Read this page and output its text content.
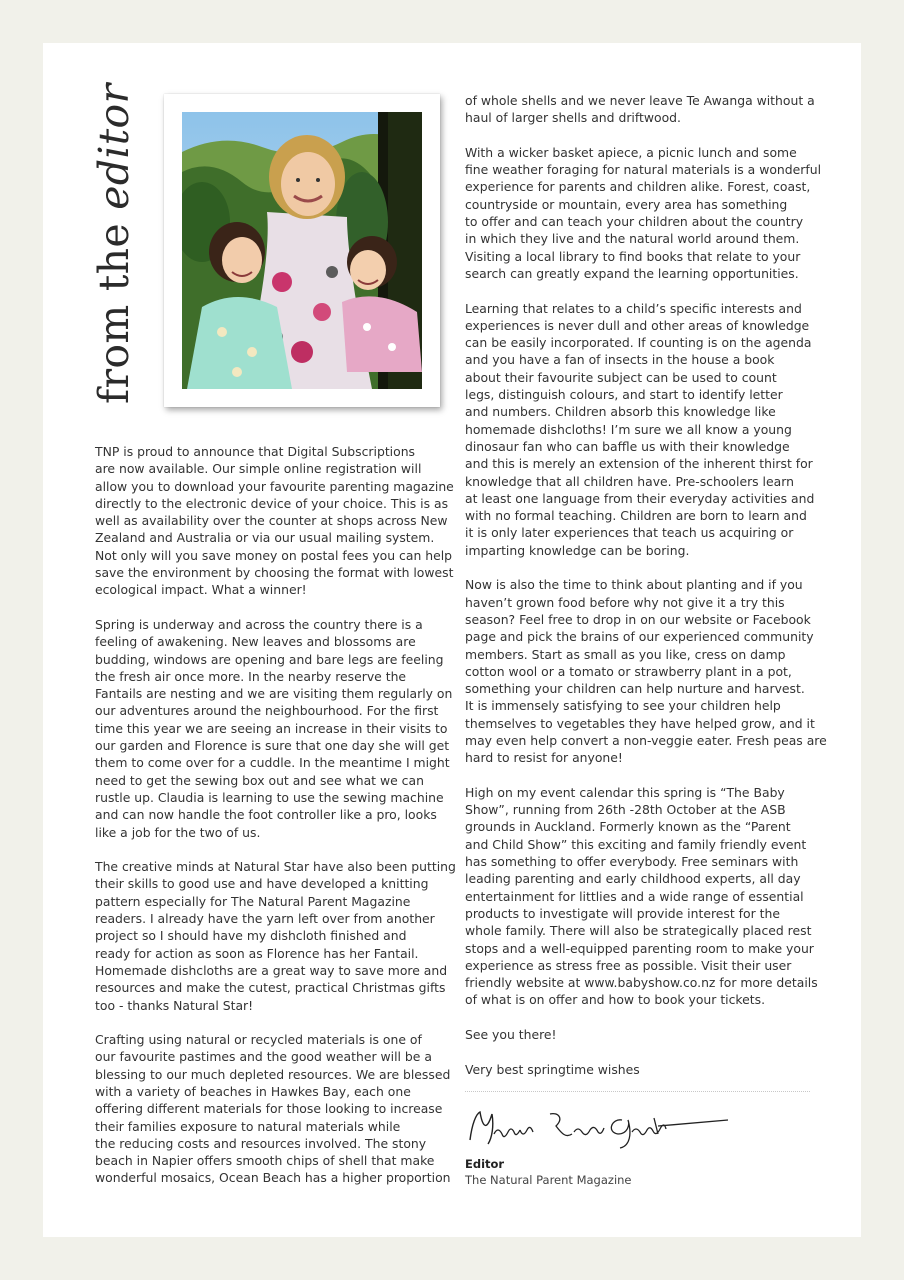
from the editor

TNP is proud to announce that Digital Subscriptions

are now available. Our simple online registration will

allow you to download your favourite parenting magazine

directly to the electronic device of your choice. This is as

well as availability over the counter at shops across New

Zealand and Australia or via our usual mailing system.

Not only will you save money on postal fees you can help

save the environment by choosing the format with lowest

ecological impact. What a winner!

Spring is underway and across the country there is a

feeling of awakening. New leaves and blossoms are

budding, windows are opening and bare legs are feeling

the fresh air once more. In the nearby reserve the

Fantails are nesting and we are visiting them regularly on

our adventures around the neighbourhood. For the first

time this year we are seeing an increase in their visits to

our garden and Florence is sure that one day she will get

them to come over for a cuddle. In the meantime I might

need to get the sewing box out and see what we can

rustle up. Claudia is learning to use the sewing machine

and can now handle the foot controller like a pro, looks

like a job for the two of us.

The creative minds at Natural Star have also been putting

their skills to good use and have developed a knitting

pattern especially for The Natural Parent Magazine

readers. I already have the yarn left over from another

project so I should have my dishcloth finished and

ready for action as soon as Florence has her Fantail.

Homemade dishcloths are a great way to save more and

resources and make the cutest, practical Christmas gifts

too - thanks Natural Star!

Crafting using natural or recycled materials is one of

our favourite pastimes and the good weather will be a

blessing to our much depleted resources. We are blessed

with a variety of beaches in Hawkes Bay, each one

offering different materials for those looking to increase

their families exposure to natural materials while

the reducing costs and resources involved. The stony

beach in Napier offers smooth chips of shell that make

wonderful mosaics, Ocean Beach has a higher proportion

of whole shells and we never leave Te Awanga without a

haul of larger shells and driftwood.

With a wicker basket apiece, a picnic lunch and some

fine weather foraging for natural materials is a wonderful

experience for parents and children alike. Forest, coast,

countryside or mountain, every area has something

to offer and can teach your children about the country

in which they live and the natural world around them.

Visiting a local library to find books that relate to your

search can greatly expand the learning opportunities.

Learning that relates to a child’s specific interests and

experiences is never dull and other areas of knowledge

can be easily incorporated. If counting is on the agenda

and you have a fan of insects in the house a book

about their favourite subject can be used to count

legs, distinguish colours, and start to identify letter

and numbers. Children absorb this knowledge like

homemade dishcloths! I’m sure we all know a young

dinosaur fan who can baffle us with their knowledge

and this is merely an extension of the inherent thirst for

knowledge that all children have. Pre-schoolers learn

at least one language from their everyday activities and

with no formal teaching. Children are born to learn and

it is only later experiences that teach us acquiring or

imparting knowledge can be boring.

Now is also the time to think about planting and if you

haven’t grown food before why not give it a try this

season? Feel free to drop in on our website or Facebook

page and pick the brains of our experienced community

members. Start as small as you like, cress on damp

cotton wool or a tomato or strawberry plant in a pot,

something your children can help nurture and harvest.

It is immensely satisfying to see your children help

themselves to vegetables they have helped grow, and it

may even help convert a non-veggie eater. Fresh peas are

hard to resist for anyone!

High on my event calendar this spring is “The Baby

Show”, running from 26th -28th October at the ASB

grounds in Auckland. Formerly known as the “Parent

and Child Show” this exciting and family friendly event

has something to offer everybody. Free seminars with

leading parenting and early childhood experts, all day

entertainment for littlies and a wide range of essential

products to investigate will provide interest for the

whole family. There will also be strategically placed rest

stops and a well-equipped parenting room to make your

experience as stress free as possible. Visit their user

friendly website at www.babyshow.co.nz for more details

of what is on offer and how to book your tickets.

See you there!

Very best springtime wishes

Editor
The Natural Parent Magazine
